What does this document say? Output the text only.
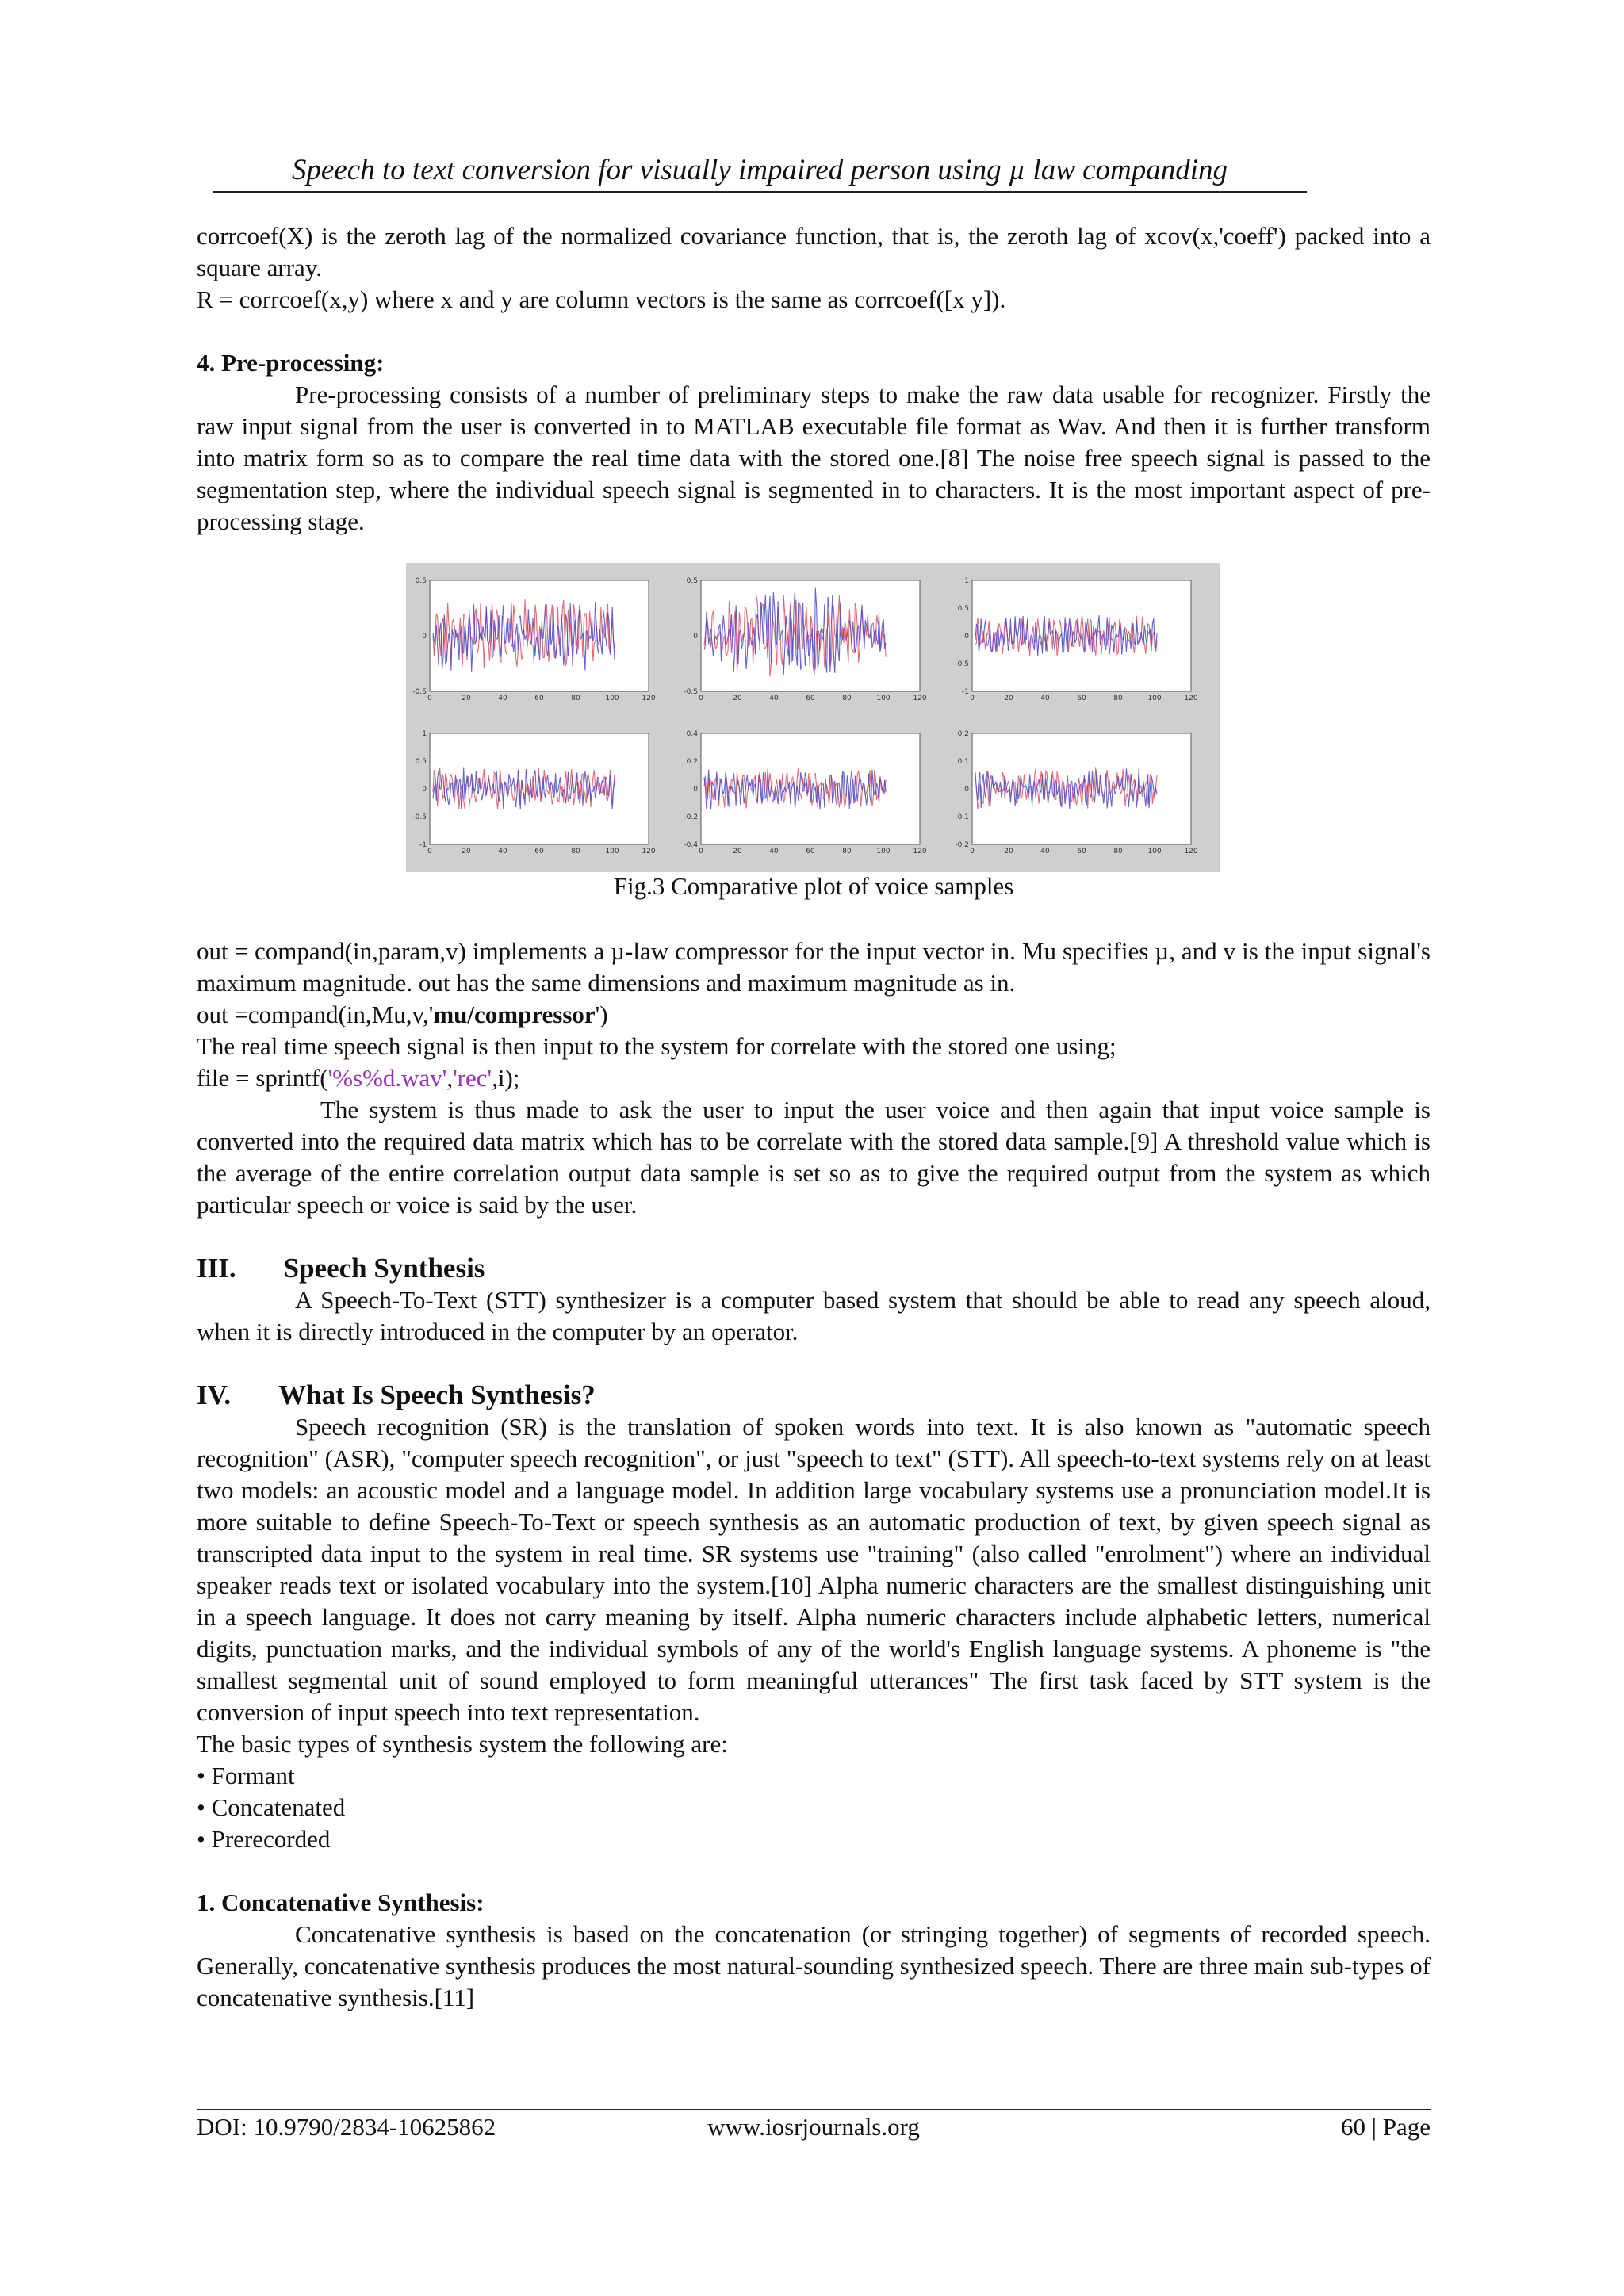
Speech to text conversion for visually impaired person using µ law companding

corrcoef(X) is the zeroth lag of the normalized covariance function, that is, the zeroth lag of xcov(x,'coeff') packed into a square array.

R = corrcoef(x,y) where x and y are column vectors is the same as corrcoef([x y]).

4. Pre-processing:

Pre-processing consists of a number of preliminary steps to make the raw data usable for recognizer. Firstly the raw input signal from the user is converted in to MATLAB executable file format as Wav. And then it is further transform into matrix form so as to compare the real time data with the stored one.[8] The noise free speech signal is passed to the segmentation step, where the individual speech signal is segmented in to characters. It is the most important aspect of pre-processing stage.

0.5
0
-0.5
0	20	40	60	80	100	120
0.5
0
-0.5
0	20	40	60	80	100	120
1
0.5
0
-0.5
-1
0	20	40	60	80	100	120
1
0.5
0
-0.5
-1
0	20	40	60	80	100	120
0.4
0.2
0
-0.2
-0.4
0	20	40	60	80	100	120
0.2
0.1
0
-0.1
-0.2
0	20	40	60	80	100	120
Fig.3 Comparative plot of voice samples

out = compand(in,param,v) implements a µ-law compressor for the input vector in. Mu specifies µ, and v is the input signal's maximum magnitude. out has the same dimensions and maximum magnitude as in.

out =compand(in,Mu,v,'mu/compressor')

The real time speech signal is then input to the system for correlate with the stored one using;

file = sprintf('%s%d.wav','rec',i);

The system is thus made to ask the user to input the user voice and then again that input voice sample is converted into the required data matrix which has to be correlate with the stored data sample.[9] A threshold value which is the average of the entire correlation output data sample is set so as to give the required output from the system as which particular speech or voice is said by the user.

III. Speech Synthesis

A Speech-To-Text (STT) synthesizer is a computer based system that should be able to read any speech aloud, when it is directly introduced in the computer by an operator.

IV. What Is Speech Synthesis?

Speech recognition (SR) is the translation of spoken words into text. It is also known as "automatic speech recognition" (ASR), "computer speech recognition", or just "speech to text" (STT). All speech-to-text systems rely on at least two models: an acoustic model and a language model. In addition large vocabulary systems use a pronunciation model.It is more suitable to define Speech-To-Text or speech synthesis as an automatic production of text, by given speech signal as transcripted data input to the system in real time. SR systems use "training" (also called "enrolment") where an individual speaker reads text or isolated vocabulary into the system.[10] Alpha numeric characters are the smallest distinguishing unit in a speech language. It does not carry meaning by itself. Alpha numeric characters include alphabetic letters, numerical digits, punctuation marks, and the individual symbols of any of the world's English language systems. A phoneme is "the smallest segmental unit of sound employed to form meaningful utterances" The first task faced by STT system is the conversion of input speech into text representation.

The basic types of synthesis system the following are:

• Formant
• Concatenated
• Prerecorded

1. Concatenative Synthesis:

Concatenative synthesis is based on the concatenation (or stringing together) of segments of recorded speech. Generally, concatenative synthesis produces the most natural-sounding synthesized speech. There are three main sub-types of concatenative synthesis.[11]

DOI: 10.9790/2834-10625862	www.iosrjournals.org	60 | Page
